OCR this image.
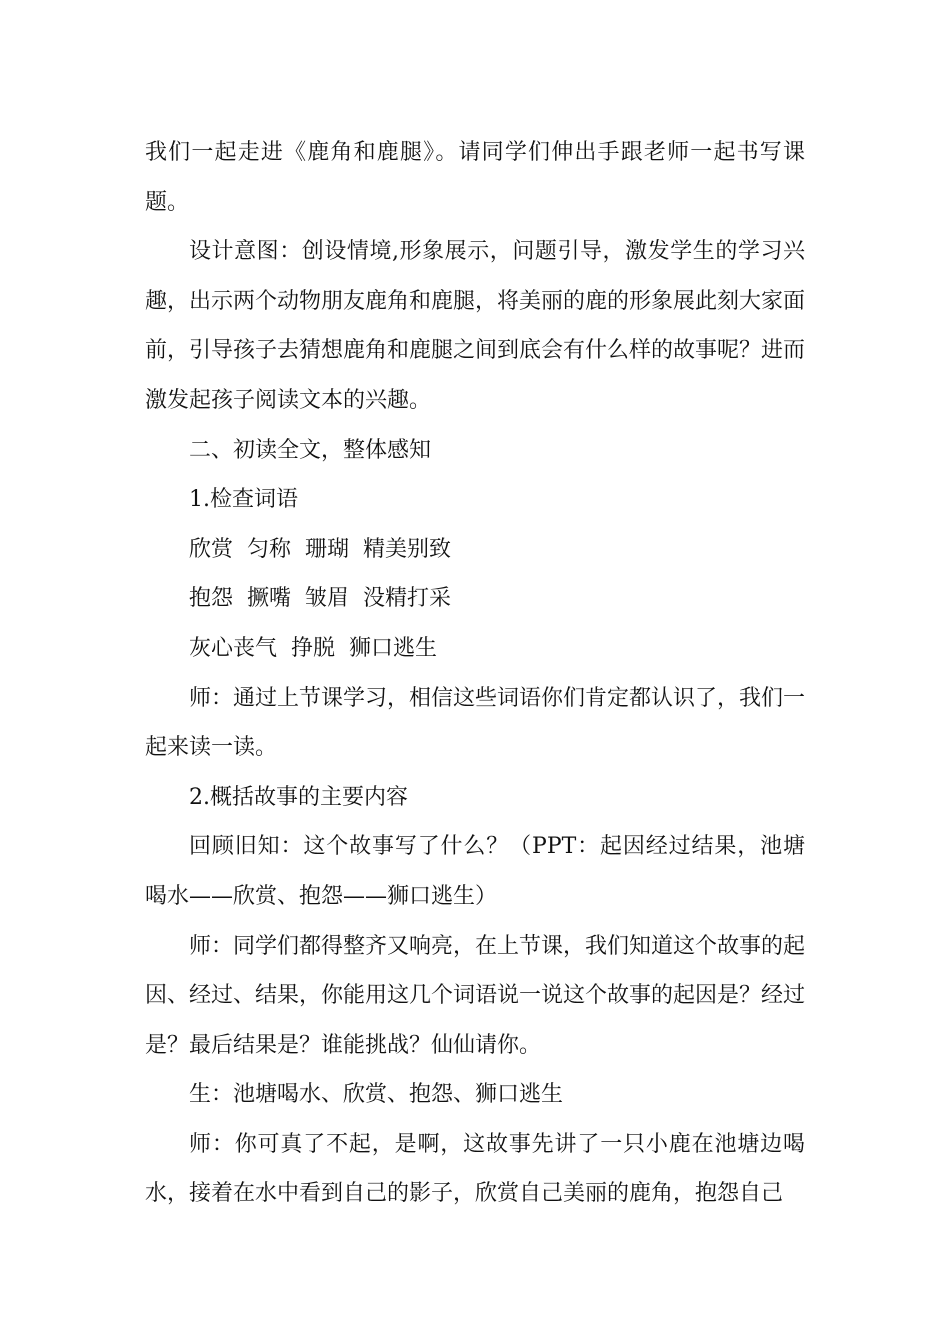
我们一起走进《鹿角和鹿腿》。请同学们伸出手跟老师一起书写课题。

设计意图：创设情境,形象展示，问题引导，激发学生的学习兴趣，出示两个动物朋友鹿角和鹿腿，将美丽的鹿的形象展此刻大家面前，引导孩子去猜想鹿角和鹿腿之间到底会有什么样的故事呢？进而激发起孩子阅读文本的兴趣。

二、初读全文，整体感知

1.检查词语

欣赏  匀称  珊瑚  精美别致

抱怨  撅嘴  皱眉  没精打采

灰心丧气  挣脱  狮口逃生

师：通过上节课学习，相信这些词语你们肯定都认识了，我们一起来读一读。

2.概括故事的主要内容

回顾旧知：这个故事写了什么？（PPT：起因经过结果，池塘喝水——欣赏、抱怨——狮口逃生）

师：同学们都得整齐又响亮，在上节课，我们知道这个故事的起因、经过、结果，你能用这几个词语说一说这个故事的起因是？经过是？最后结果是？谁能挑战？仙仙请你。

生：池塘喝水、欣赏、抱怨、狮口逃生

师：你可真了不起，是啊，这故事先讲了一只小鹿在池塘边喝水，接着在水中看到自己的影子，欣赏自己美丽的鹿角，抱怨自己
